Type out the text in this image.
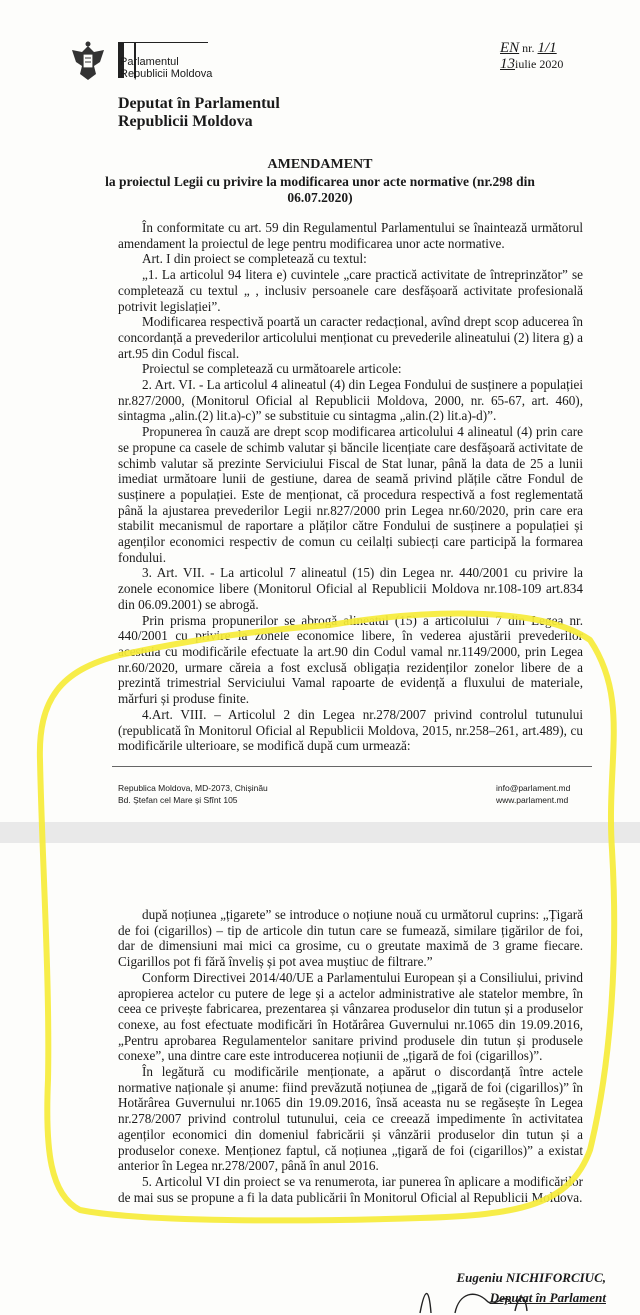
Parlamentul
Republicii Moldova
EN nr. 1/1
13iulie 2020
Deputat în Parlamentul
Republicii Moldova
AMENDAMENT
la proiectul Legii cu privire la modificarea unor acte normative (nr.298 din 06.07.2020)

În conformitate cu art. 59 din Regulamentul Parlamentului se înaintează următorul amendament la proiectul de lege pentru modificarea unor acte normative.

Art. I din proiect se completează cu textul:

„1. La articolul 94 litera e) cuvintele „care practică activitate de întreprinzător” se completează cu textul „ , inclusiv persoanele care desfășoară activitate profesională potrivit legislației”.

Modificarea respectivă poartă un caracter redacțional, avînd drept scop aducerea în concordanță a prevederilor articolului menționat cu prevederile alineatului (2) litera g) a art.95 din Codul fiscal.

Proiectul se completează cu următoarele articole:

2. Art. VI. - La articolul 4 alineatul (4) din Legea Fondului de susținere a populației nr.827/2000, (Monitorul Oficial al Republicii Moldova, 2000, nr. 65-67, art. 460), sintagma „alin.(2) lit.a)-c)” se substituie cu sintagma „alin.(2) lit.a)-d)”.

Propunerea în cauză are drept scop modificarea articolului 4 alineatul (4) prin care se propune ca casele de schimb valutar și băncile licențiate care desfășoară activitate de schimb valutar să prezinte Serviciului Fiscal de Stat lunar, până la data de 25 a lunii imediat următoare lunii de gestiune, darea de seamă privind plățile către Fondul de susținere a populației. Este de menționat, că procedura respectivă a fost reglementată până la ajustarea prevederilor Legii nr.827/2000 prin Legea nr.60/2020, prin care era stabilit mecanismul de raportare a plăților către Fondului de susținere a populației și agenților economici respectiv de comun cu ceilalți subiecți care participă la formarea fondului.

3. Art. VII. - La articolul 7 alineatul (15) din Legea nr. 440/2001 cu privire la zonele economice libere (Monitorul Oficial al Republicii Moldova nr.108-109 art.834 din 06.09.2001) se abrogă.

Prin prisma propunerilor se abrogă alineatul (15) a articolului 7 din Legea nr. 440/2001 cu privire la zonele economice libere, în vederea ajustării prevederilor acestuia cu modificările efectuate la art.90 din Codul vamal nr.1149/2000, prin Legea nr.60/2020, urmare căreia a fost exclusă obligația rezidenților zonelor libere de a prezintă trimestrial Serviciului Vamal rapoarte de evidență a fluxului de materiale, mărfuri și produse finite.

4.Art. VIII. – Articolul 2 din Legea nr.278/2007 privind controlul tutunului (republicată în Monitorul Oficial al Republicii Moldova, 2015, nr.258–261, art.489), cu modificările ulterioare, se modifică după cum urmează:

Republica Moldova, MD-2073, Chișinău
Bd. Ștefan cel Mare și Sfînt 105
info@parlament.md
www.parlament.md

după noțiunea „țigarete” se introduce o noțiune nouă cu următorul cuprins: „Țigară de foi (cigarillos) – tip de articole din tutun care se fumează, similare țigărilor de foi, dar de dimensiuni mai mici ca grosime, cu o greutate maximă de 3 grame fiecare. Cigarillos pot fi fără înveliș și pot avea muștiuc de filtrare.”

Conform Directivei 2014/40/UE a Parlamentului European și a Consiliului, privind apropierea actelor cu putere de lege și a actelor administrative ale statelor membre, în ceea ce privește fabricarea, prezentarea și vânzarea produselor din tutun și a produselor conexe, au fost efectuate modificări în Hotărârea Guvernului nr.1065 din 19.09.2016, „Pentru aprobarea Regulamentelor sanitare privind produsele din tutun și produsele conexe”, una dintre care este introducerea noțiunii de „țigară de foi (cigarillos)”.

În legătură cu modificările menționate, a apărut o discordanță între actele normative naționale și anume: fiind prevăzută noțiunea de „țigară de foi (cigarillos)” în Hotărârea Guvernului nr.1065 din 19.09.2016, însă aceasta nu se regăsește în Legea nr.278/2007 privind controlul tutunului, ceia ce creează impedimente în activitatea agenților economici din domeniul fabricării și vânzării produselor din tutun și a produselor conexe. Menționez faptul, că noțiunea „țigară de foi (cigarillos)” a existat anterior în Legea nr.278/2007, până în anul 2016.

5. Articolul VI din proiect se va renumerota, iar punerea în aplicare a modificărilor de mai sus se propune a fi la data publicării în Monitorul Oficial al Republicii Moldova.

Eugeniu NICHIFORCIUC,
Deputat în Parlament
